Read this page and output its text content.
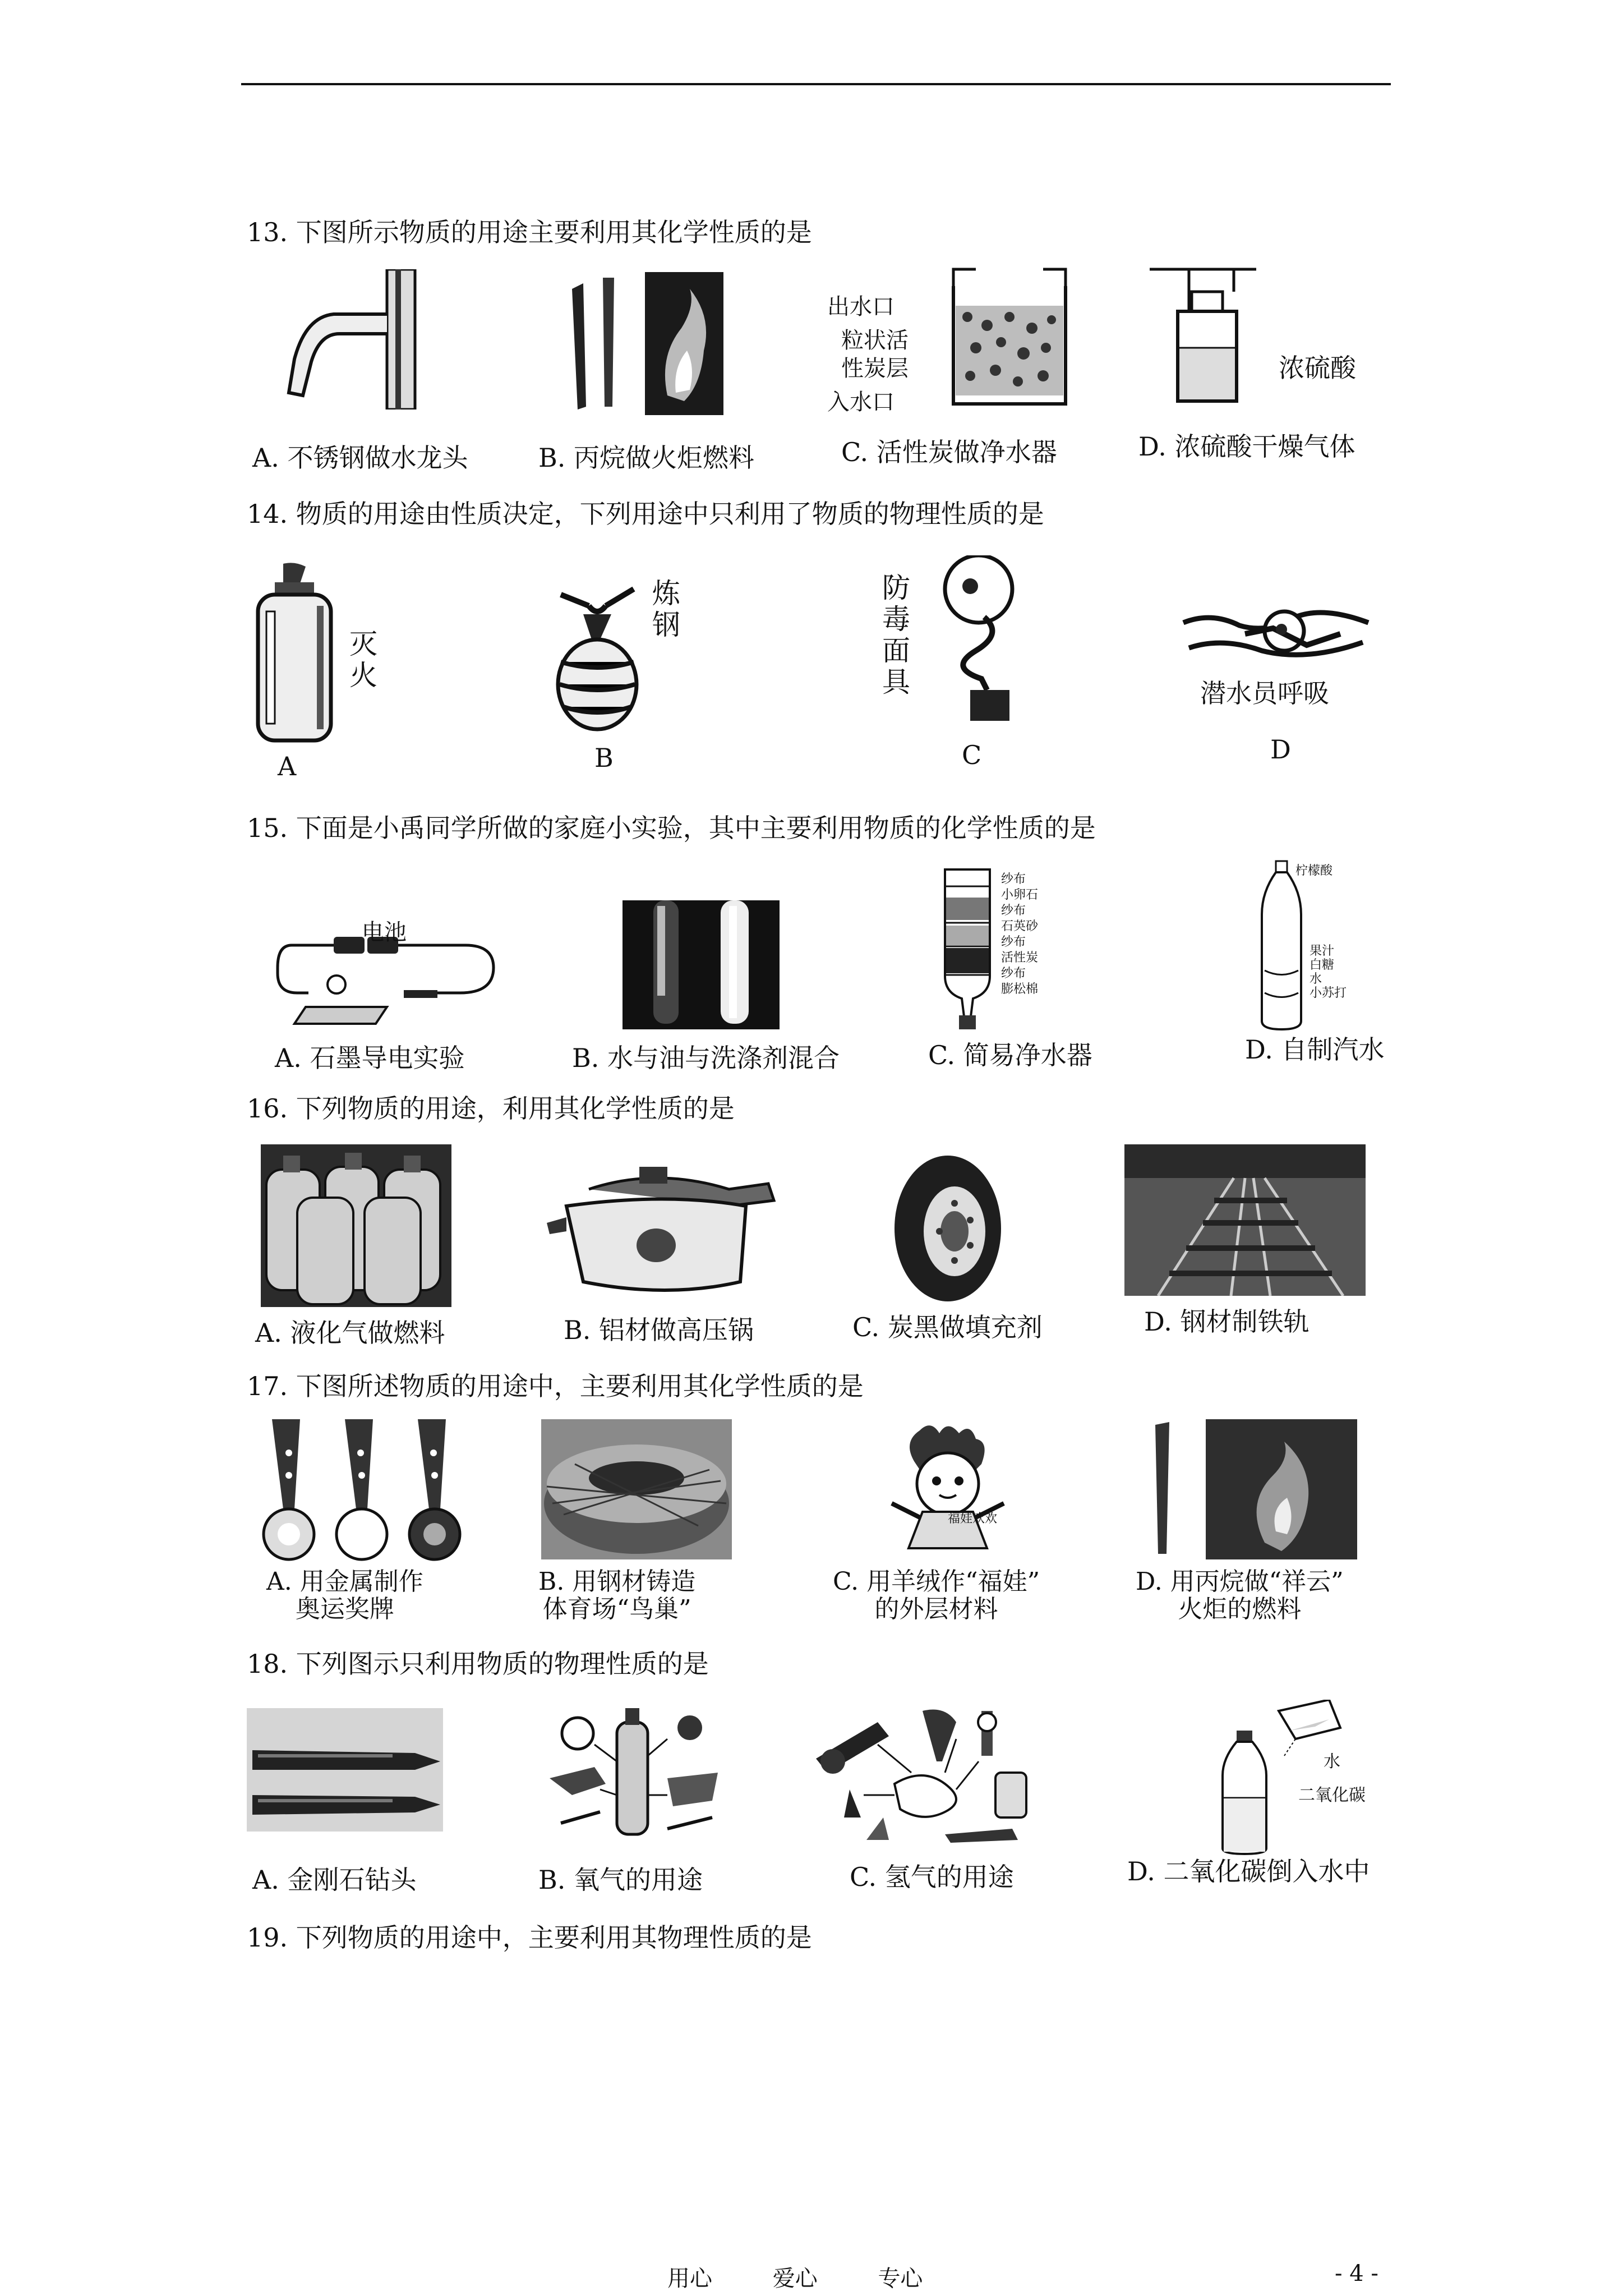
13. 下图所示物质的用途主要利用其化学性质的是
A. 不锈钢做水龙头	B. 丙烷做火炬燃料
出水口
粒状活
性炭层
入水口
C. 活性炭做净水器
浓硫酸
D. 浓硫酸干燥气体
14. 物质的用途由性质决定，下列用途中只利用了物质的物理性质的是
灭火
A
炼钢
B
防毒面具
C
潜水员呼吸
D
15. 下面是小禹同学所做的家庭小实验，其中主要利用物质的化学性质的是
电池
A. 石墨导电实验	B. 水与油与洗涤剂混合
纱布
小卵石
纱布
石英砂
纱布
活性炭
纱布
膨松棉
C. 简易净水器
柠檬酸
果汁
白糖
水
小苏打
D. 自制汽水
16. 下列物质的用途，利用其化学性质的是
A. 液化气做燃料	B. 铝材做高压锅	C. 炭黑做填充剂	D. 钢材制铁轨
17. 下图所述物质的用途中，主要利用其化学性质的是
A. 用金属制作
奥运奖牌
B. 用钢材铸造
体育场“鸟巢”
福娃欢欢
C. 用羊绒作“福娃”
的外层材料
D. 用丙烷做“祥云”
火炬的燃料
18. 下列图示只利用物质的物理性质的是
A. 金刚石钻头	B. 氧气的用途	C. 氢气的用途
水
二氧化碳
D. 二氧化碳倒入水中
19. 下列物质的用途中，主要利用其物理性质的是
用心	爱心	专心	- 4 -
